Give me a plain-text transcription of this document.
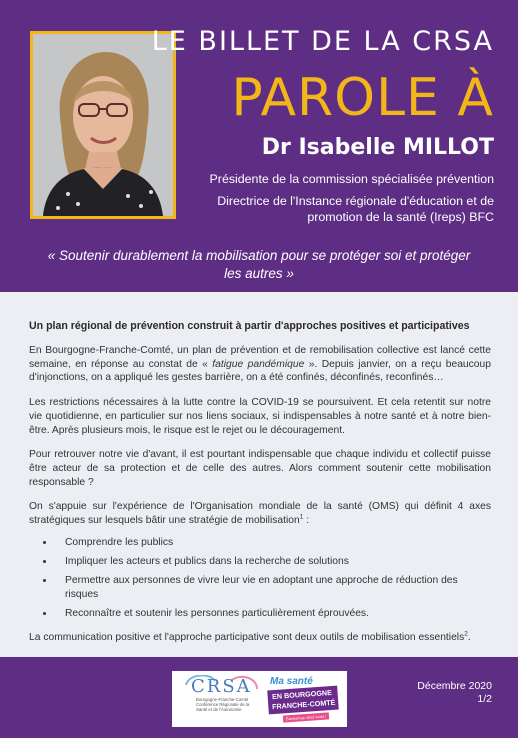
LE BILLET DE LA CRSA
PAROLE À
Dr Isabelle MILLOT
Présidente de la commission spécialisée prévention
Directrice de l'Instance régionale d'éducation et de promotion de la santé (Ireps) BFC
« Soutenir durablement la mobilisation pour se protéger soi et protéger les autres »
Un plan régional de prévention construit à partir d'approches positives et participatives

En Bourgogne-Franche-Comté, un plan de prévention et de remobilisation collective est lancé cette semaine, en réponse au constat de « fatigue pandémique ». Depuis janvier, on a reçu beaucoup d'injonctions, on a appliqué les gestes barrière, on a été confinés, déconfinés, reconfinés…

Les restrictions nécessaires à la lutte contre la COVID-19 se poursuivent. Et cela retentit sur notre vie quotidienne, en particulier sur nos liens sociaux, si indispensables à notre santé et à notre bien-être. Après plusieurs mois, le risque est le rejet ou le découragement.

Pour retrouver notre vie d'avant, il est pourtant indispensable que chaque individu et collectif puisse être acteur de sa protection et de celle des autres. Alors comment soutenir cette mobilisation responsable ?

On s'appuie sur l'expérience de l'Organisation mondiale de la santé (OMS) qui définit 4 axes stratégiques sur lesquels bâtir une stratégie de mobilisation$^1$ :

• Comprendre les publics
• Impliquer les acteurs et publics dans la recherche de solutions
• Permettre aux personnes de vivre leur vie en adoptant une approche de réduction des risques
• Reconnaître et soutenir les personnes particulièrement éprouvées.

La communication positive et l'approche participative sont deux outils de mobilisation essentiels$^2$.

CRSA
Bourgogne-Franche-Comté Conférence Régionale de la Santé et de l'Autonomie
Ma santé
EN BOURGOGNE
FRANCHE-COMTÉ
Bienvenue chez vous !
Décembre 2020
1/2
